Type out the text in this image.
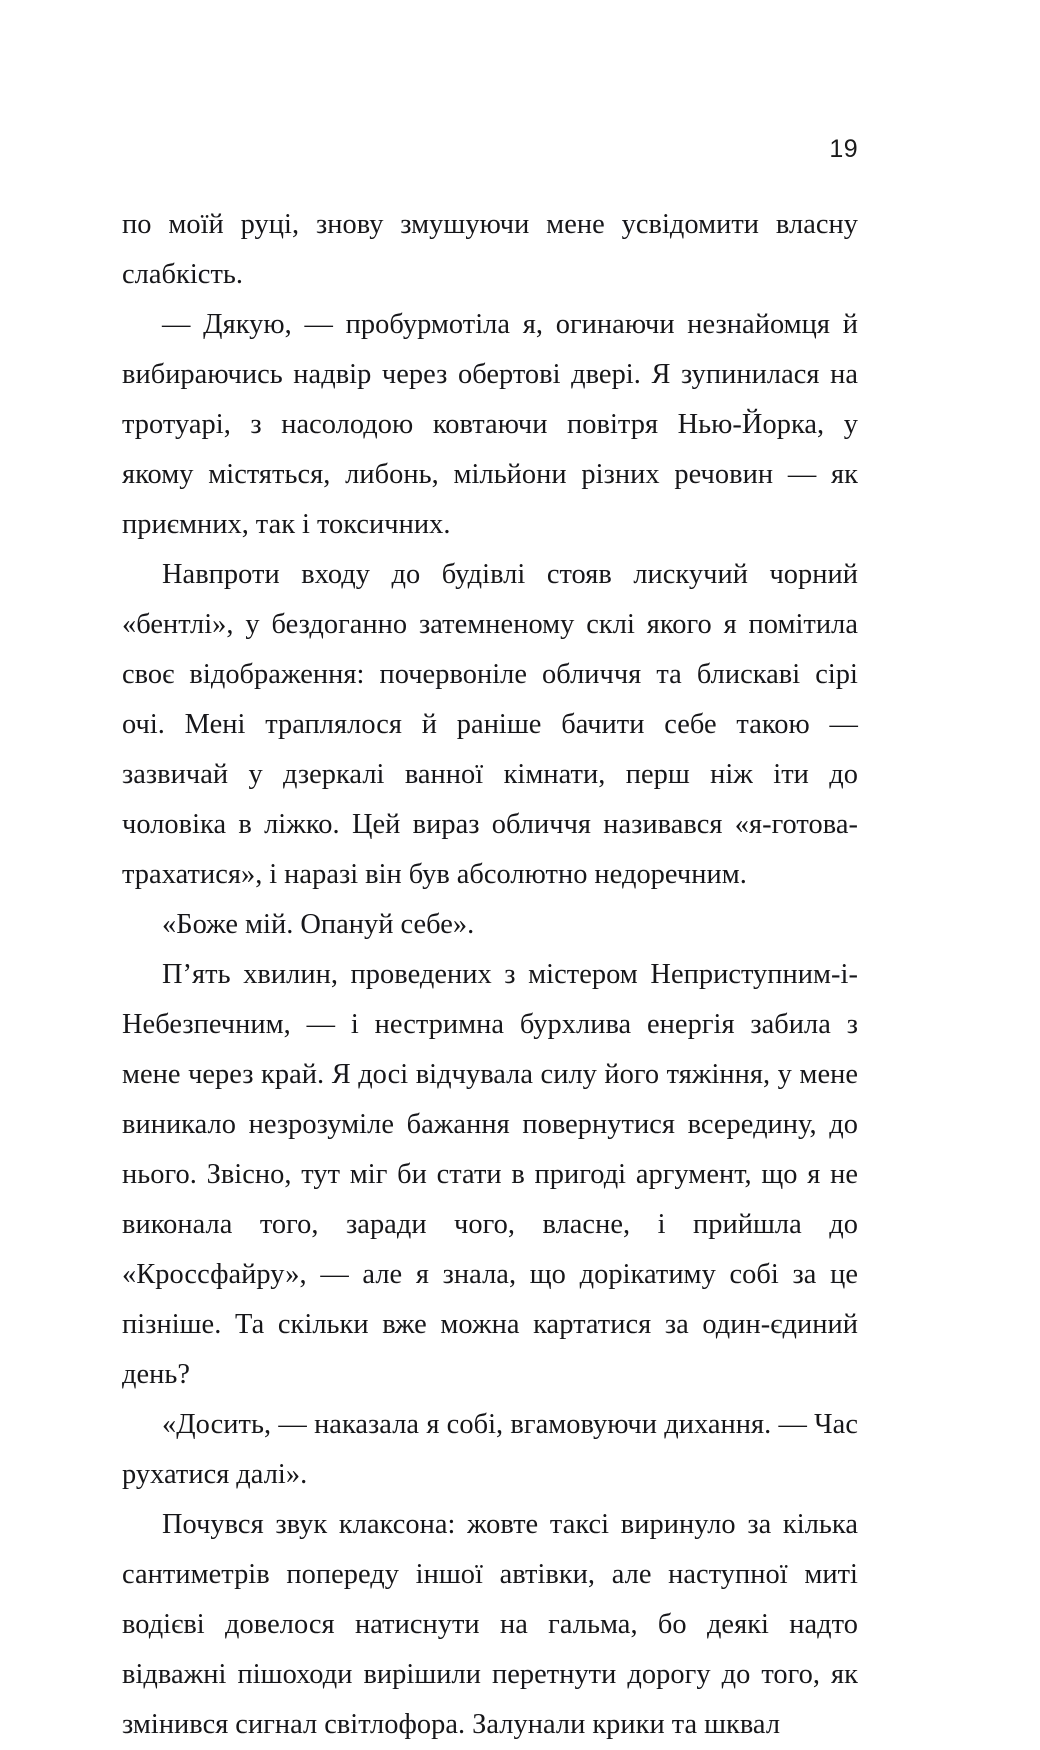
19

по моїй руці, знову змушуючи мене усвідомити власну слабкість.

— Дякую, — пробурмотіла я, огинаючи незнайомця й вибираючись надвір через обертові двері. Я зупинилася на тротуарі, з насолодою ковтаючи повітря Нью-Йорка, у якому містяться, либонь, мільйони різних речовин — як приємних, так і токсичних.

Навпроти входу до будівлі стояв лискучий чорний «бентлі», у бездоганно затемненому склі якого я помітила своє відображення: почервоніле обличчя та блискаві сірі очі. Мені траплялося й раніше бачити себе такою — зазвичай у дзеркалі ванної кімнати, перш ніж іти до чоловіка в ліжко. Цей вираз обличчя називався «я-готова-трахатися», і наразі він був абсолютно недоречним.

«Боже мій. Опануй себе».

П’ять хвилин, проведених з містером Неприступним-і-Небезпечним, — і нестримна бурхлива енергія забила з мене через край. Я досі відчувала силу його тяжіння, у мене виникало незрозуміле бажання повернутися всередину, до нього. Звісно, тут міг би стати в пригоді аргумент, що я не виконала того, заради чого, власне, і прийшла до «Кроссфайру», — але я знала, що дорікатиму собі за це пізніше. Та скільки вже можна картатися за один-єдиний день?

«Досить, — наказала я собі, вгамовуючи дихання. — Час рухатися далі».

Почувся звук клаксона: жовте таксі виринуло за кілька сантиметрів попереду іншої автівки, але наступної миті водієві довелося натиснути на гальма, бо деякі надто відважні пішоходи вирішили перетнути дорогу до того, як змінився сигнал світлофора. Залунали крики та шквал
